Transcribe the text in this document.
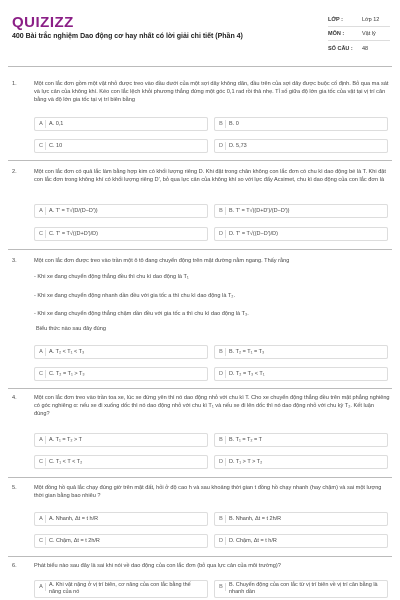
QUIZIZZ
400 Bài trắc nghiệm Dao động cơ hay nhất có lời giải chi tiết (Phần 4)
LỚP :	Lớp 12
MÔN :	Vật lý
SỐ CÂU : 48
1.	Một con lắc đơn gồm một vật nhỏ được treo vào đầu dưới của một sợi dây không dãn, đầu trên của sợi dây được buộc cố định. Bỏ qua ma sát và lực cản của không khí. Kéo con lắc lệch khỏi phương thẳng đứng một góc 0,1 rad rồi thả nhẹ. Tỉ số giữa độ lớn gia tốc của vật tại vị trí cân bằng và độ lớn gia tốc tại vị trí biên bằng
A	A. 0,1	B	B. 0
C	C. 10	D	D. 5,73
2.	Một con lắc đơn có quả lắc làm bằng hợp kim có khối lượng riêng D. Khi đặt trong chân không con lắc đơn có chu kì dao động bé là T. Khi đặt con lắc đơn trong không khí có khối lượng riêng D', bỏ qua lực cản của không khí so với lực đẩy Acsimet, chu kì dao động của con lắc đơn là
A	A. T' = T√(D/(D−D'))	B	B. T' = T√((D+D')/(D−D'))
C	C. T' = T√((D+D')/D)	D	D. T' = T√((D−D')/D)
3.	Một con lắc đơn được treo vào trần một ô tô đang chuyển động trên mặt đường nằm ngang. Thấy rằng
- Khi xe đang chuyển động thẳng đều thì chu kì dao động là T₁
- Khi xe đang chuyển động nhanh dần đều với gia tốc a thì chu kì dao động là T₂.
- Khi xe đang chuyển động thẳng chậm dần đều với gia tốc a thì chu kì dao động là T₃.
Biểu thức nào sau đây đúng
A	A. T₂ < T₁ < T₃	B	B. T₂ = T₁ = T₃
C	C. T₂ = T₁ > T₃	D	D. T₂ = T₃ < T₁
4.	Một con lắc đơn treo vào trần toa xe, lúc xe đứng yên thì nó dao động nhỏ với chu kì T. Cho xe chuyển động thẳng đều trên mặt phẳng nghiêng có góc nghiêng α: nếu xe đi xuống dốc thì nó dao động nhỏ với chu kì T₁ và nếu xe đi lên dốc thì nó dao động nhỏ với chu kỳ T₂. Kết luận đúng?
A	A. T₁ = T₂ > T	B	B. T₁ = T₂ = T
C	C. T₁ < T < T₂	D	D. T₁ > T > T₂
5.	Một đồng hồ quả lắc chạy đúng giờ trên mặt đất, hỏi ở độ cao h và sau khoảng thời gian t đồng hồ chạy nhanh (hay chậm) và sai một lượng thời gian bằng bao nhiêu ?
A	A. Nhanh, Δt = t h/R	B	B. Nhanh, Δt = t 2h/R
C	C. Chậm, Δt = t 2h/R	D	D. Chậm, Δt = t h/R
6.	Phát biểu nào sau đây là sai khi nói về dao động của con lắc đơn (bỏ qua lực cản của môi trường)?
A	A. Khi vật nặng ở vị trí biên, cơ năng của con lắc bằng thế năng của nó
B	B. Chuyển động của con lắc từ vị trí biên về vị trí cân bằng là nhanh dần
